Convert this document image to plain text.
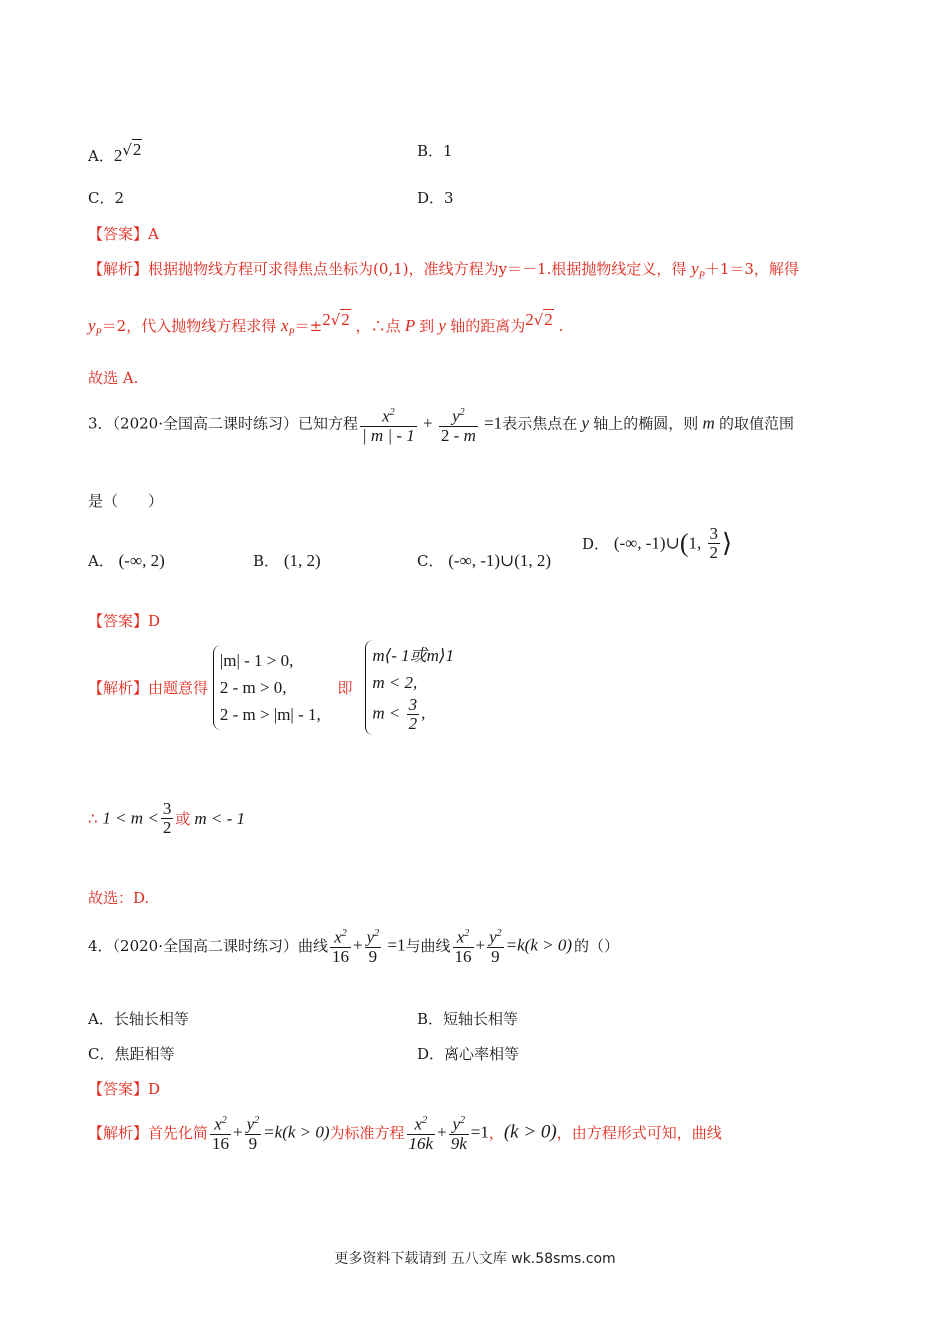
A．2√2	B．1
C．2	D．3
【答案】A
【解析】根据抛物线方程可求得焦点坐标为(0,1)，准线方程为y＝－1.根据抛物线定义，得 $y_P+1=3$，解得
$y_P=2$，代入抛物线方程求得 $x_P=\pm 2√2$ ，∴点 P 到 y 轴的距离为2√2 .
故选 A.
3．（2020·全国高二课时练习）已知方程 $\frac{x^2}{| m | - 1} + \frac{y^2}{2 - m} =1$表示焦点在 y 轴上的椭圆，则 m 的取值范围
是（　　）
A． (-∞, 2)	B． (1, 2)	C． (-∞, -1)∪(1, 2)
D． (-∞, -1)∪(1, $\frac{3}{2}$ ⟩
【答案】D
【解析】由题意得
|m| - 1 > 0,
2 - m > 0,
2 - m > |m| - 1,
即
m⟨- 1或m⟩1
m < 2,
$m < \frac{3}{2}$ ,
∴ $1 < m < \frac{3}{2}$ 或 m < - 1
故选：D.
4．（2020·全国高二课时练习）曲线 $\frac{x^2}{16} + \frac{y^2}{9} =1$与曲线 $\frac{x^2}{16} + \frac{y^2}{9} =k(k > 0)$ 的（）
A．长轴长相等	B．短轴长相等
C．焦距相等	D．离心率相等
【答案】D
【解析】首先化简 $\frac{x^2}{16} + \frac{y^2}{9} =k(k > 0)$为标准方程 $\frac{x^2}{16k} + \frac{y^2}{9k} =1$，(k > 0)，由方程形式可知，曲线
更多资料下载请到 五八文库 wk.58sms.com
